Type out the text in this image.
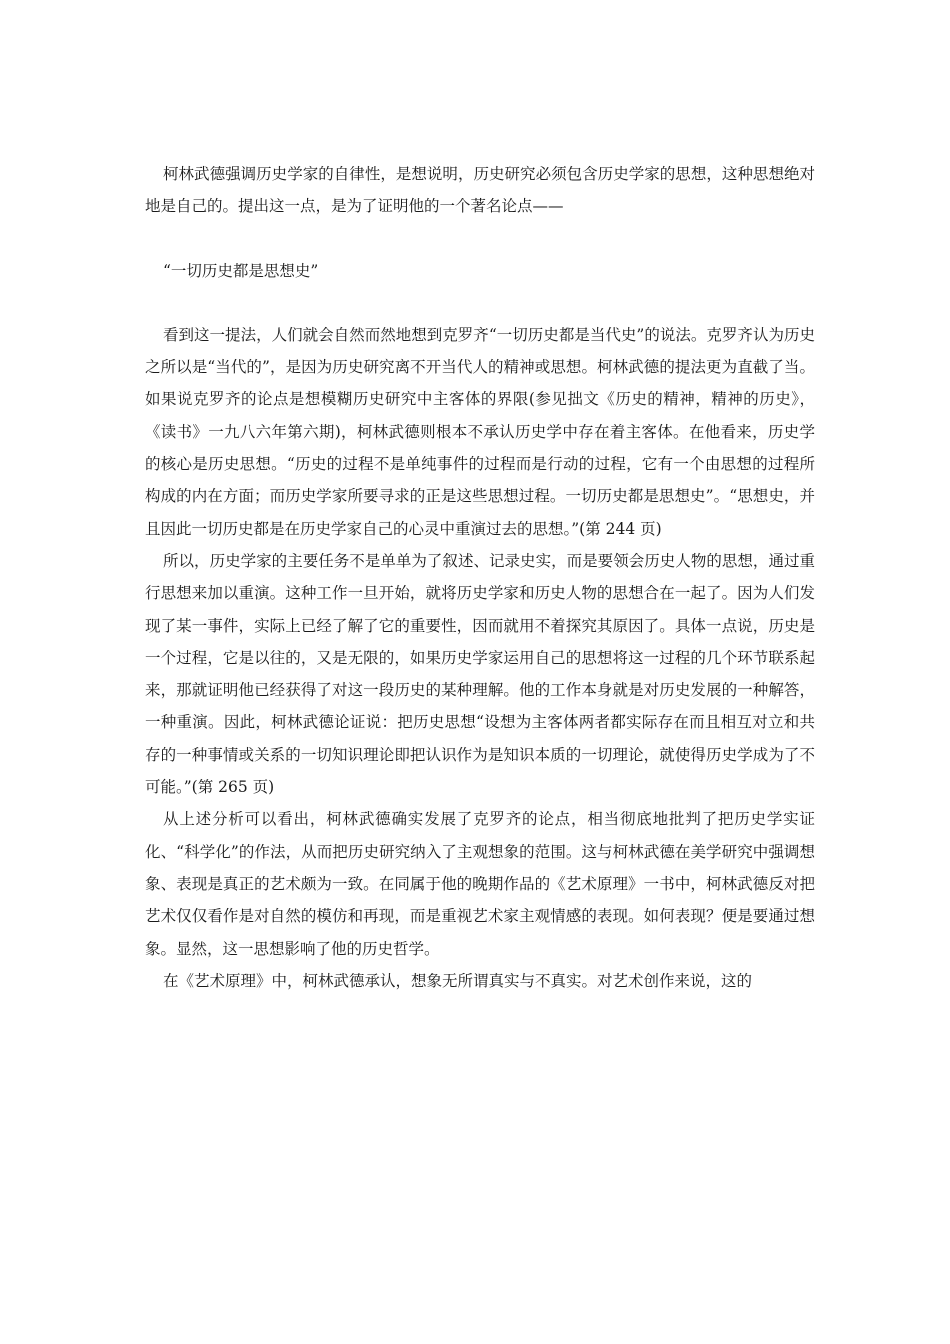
柯林武德强调历史学家的自律性，是想说明，历史研究必须包含历史学家的思想，这种思想绝对地是自己的。提出这一点，是为了证明他的一个著名论点——

“一切历史都是思想史”

看到这一提法，人们就会自然而然地想到克罗齐“一切历史都是当代史”的说法。克罗齐认为历史之所以是“当代的”，是因为历史研究离不开当代人的精神或思想。柯林武德的提法更为直截了当。如果说克罗齐的论点是想模糊历史研究中主客体的界限(参见拙文《历史的精神，精神的历史》，《读书》一九八六年第六期)，柯林武德则根本不承认历史学中存在着主客体。在他看来，历史学的核心是历史思想。“历史的过程不是单纯事件的过程而是行动的过程，它有一个由思想的过程所构成的内在方面；而历史学家所要寻求的正是这些思想过程。一切历史都是思想史”。“思想史，并且因此一切历史都是在历史学家自己的心灵中重演过去的思想。”(第 244 页)

所以，历史学家的主要任务不是单单为了叙述、记录史实，而是要领会历史人物的思想，通过重行思想来加以重演。这种工作一旦开始，就将历史学家和历史人物的思想合在一起了。因为人们发现了某一事件，实际上已经了解了它的重要性，因而就用不着探究其原因了。具体一点说，历史是一个过程，它是以往的，又是无限的，如果历史学家运用自己的思想将这一过程的几个环节联系起来，那就证明他已经获得了对这一段历史的某种理解。他的工作本身就是对历史发展的一种解答，一种重演。因此，柯林武德论证说：把历史思想“设想为主客体两者都实际存在而且相互对立和共存的一种事情或关系的一切知识理论即把认识作为是知识本质的一切理论，就使得历史学成为了不可能。”(第 265 页)

从上述分析可以看出，柯林武德确实发展了克罗齐的论点，相当彻底地批判了把历史学实证化、“科学化”的作法，从而把历史研究纳入了主观想象的范围。这与柯林武德在美学研究中强调想象、表现是真正的艺术颇为一致。在同属于他的晚期作品的《艺术原理》一书中，柯林武德反对把艺术仅仅看作是对自然的模仿和再现，而是重视艺术家主观情感的表现。如何表现？便是要通过想象。显然，这一思想影响了他的历史哲学。

在《艺术原理》中，柯林武德承认，想象无所谓真实与不真实。对艺术创作来说，这的
